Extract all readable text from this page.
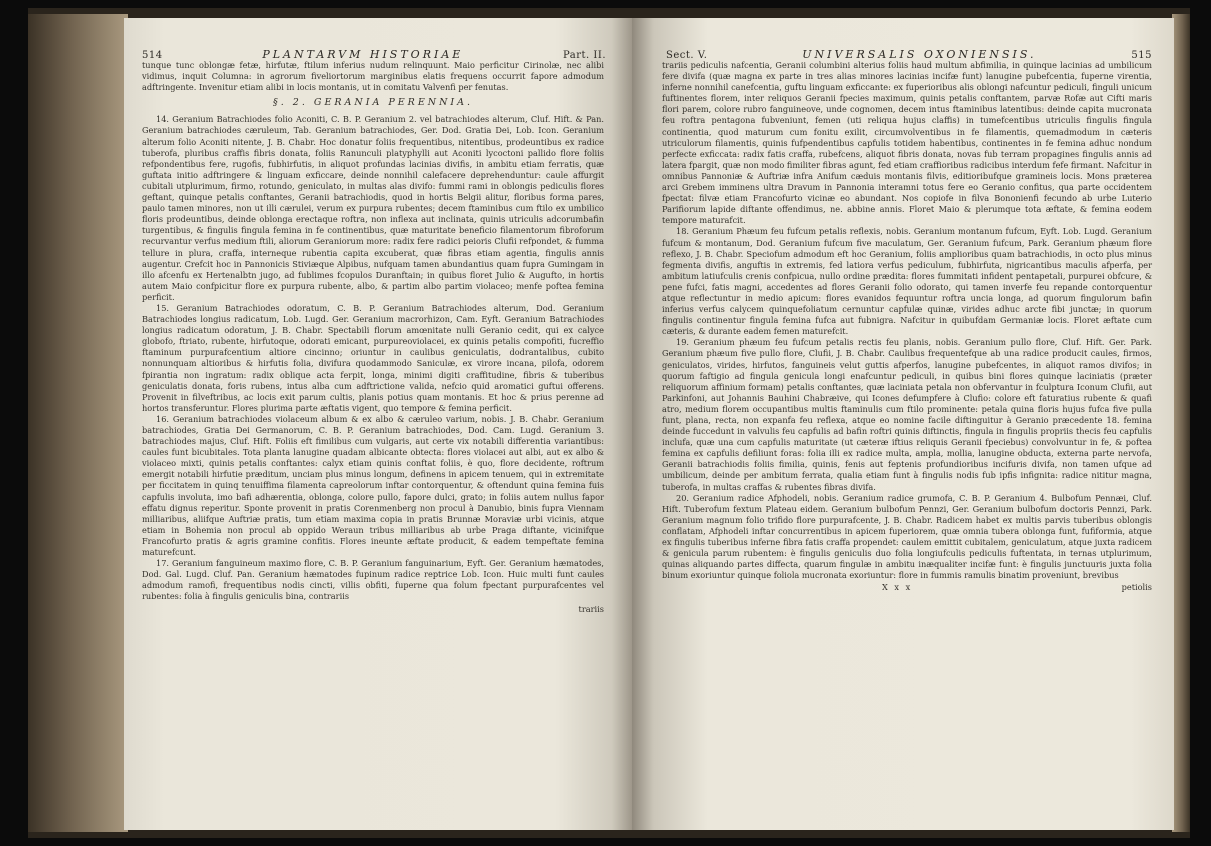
514	PLANTARVM HISTORIAE	Part. II.

tunque tunc oblongæ fetæ, hirfutæ, ftilum inferius nudum relinquunt. Maio perficitur Cirinolæ, nec alibi vidimus, inquit Columna: in agrorum fiveliortorum marginibus elatis frequens occurrit fapore admodum adftringente. Invenitur etiam alibi in locis montanis, ut in comitatu Valvenfi per fenutas.

§. 2. GERANIA PERENNIA.

14. Geranium Batrachiodes folio Aconiti, C. B. P. Geranium 2. vel batrachiodes alterum, Cluf. Hift. & Pan. Geranium batrachiodes cæruleum, Tab. Geranium batrachiodes, Ger. Dod. Gratia Dei, Lob. Icon. Geranium alterum folio Aconiti nitente, J. B. Chabr. Hoc donatur foliis frequentibus, nitentibus, prodeuntibus ex radice tuberofa, pluribus craffis fibris donata, foliis Ranunculi platyphylli aut Aconiti lycoctoni pallido flore foliis refpondentibus fere, rugofis, fubhirfutis, in aliquot profundas lacinias divifis, in ambitu etiam ferratis, quæ guftata initio adftringere & linguam exficcare, deinde nonnihil calefacere deprehenduntur: caule affurgit cubitali utplurimum, firmo, rotundo, geniculato, in multas alas divifo: fummi rami in oblongis pediculis flores geftant, quinque petalis conftantes, Geranii batrachiodis, quod in hortis Belgii alitur, floribus forma pares, paulo tamen minores, non ut illi cærulei, verum ex purpura rubentes; decem ftaminibus cum ftilo ex umbilico floris prodeuntibus, deinde oblonga erectaque roftra, non inflexa aut inclinata, quinis utriculis adcorumbafin turgentibus, & fingulis fingula femina in fe continentibus, quæ maturitate beneficio filamentorum fibroforum recurvantur verfus medium ftili, aliorum Geraniorum more: radix fere radici peioris Clufii refpondet, & fumma tellure in plura, craffa, interneque rubentia capita excuberat, quæ fibras etiam agentia, fingulis annis augentur. Crefcit hoc in Pannonicis Stiviæque Alpibus, nufquam tamen abundantius quam fupra Gumingam in illo afcenfu ex Hertenalbtn jugo, ad fublimes fcopulos Duranftain; in quibus floret Julio & Augufto, in hortis autem Maio confpicitur flore ex purpura rubente, albo, & partim albo partim violaceo; menfe poftea femina perficit.

15. Geranium Batrachiodes odoratum, C. B. P. Geranium Batrachiodes alterum, Dod. Geranium Batrachiodes longius radicatum, Lob. Lugd. Ger. Geranium macrorhizon, Cam. Eyft. Geranium Batrachiodes longius radicatum odoratum, J. B. Chabr. Spectabili florum amœnitate nulli Geranio cedit, qui ex calyce globofo, ftriato, rubente, hirfutoque, odorati emicant, purpureoviolacei, ex quinis petalis compofiti, fucreffio ftaminum purpurafcentium altiore cincinno; oriuntur in caulibus geniculatis, dodrantalibus, cubito nonnunquam altioribus & hirfutis folia, divifura quodammodo Saniculæ, ex virore incana, pilofa, odorem fpirantia non ingratum: radix oblique acta ferpit, longa, minimi digiti craffitudine, fibris & tuberibus geniculatis donata, foris rubens, intus alba cum adftrictione valida, nefcio quid aromatici guftui offerens. Provenit in filveftribus, ac locis exit parum cultis, planis potius quam montanis. Et hoc & prius perenne ad hortos transferuntur. Flores plurima parte æftatis vigent, quo tempore & femina perficit.

16. Geranium batrachiodes violaceum album & ex albo & cæruleo varium, nobis. J. B. Chabr. Geranium batrachiodes, Gratia Dei Germanorum, C. B. P. Geranium batrachiodes, Dod. Cam. Lugd. Geranium 3. batrachiodes majus, Cluf. Hift. Foliis eft fimilibus cum vulgaris, aut certe vix notabili differentia variantibus: caules funt bicubitales. Tota planta lanugine quadam albicante obtecta: flores violacei aut albi, aut ex albo & violaceo mixti, quinis petalis conftantes: calyx etiam quinis conftat foliis, è quo, flore decidente, roftrum emergit notabili hirfutie præditum, unciam plus minus longum, definens in apicem tenuem, qui in extremitate per ficcitatem in quinq tenuiffima filamenta capreolorum inftar contorquentur, & oftendunt quina femina fuis capfulis involuta, imo bafi adhærentia, oblonga, colore pullo, fapore dulci, grato; in foliis autem nullus fapor effatu dignus reperitur. Sponte provenit in pratis Corenmenberg non procul à Danubio, binis fupra Viennam milliaribus, aliifque Auftriæ pratis, tum etiam maxima copia in pratis Brunnæ Moraviæ urbi vicinis, atque etiam in Bohemia non procul ab oppido Weraun tribus milliaribus ab urbe Praga diftante, vicinifque Francofurto pratis & agris gramine confitis. Flores ineunte æftate producit, & eadem tempeftate femina maturefcunt.

17. Geranium fanguineum maximo flore, C. B. P. Geranium fanguinarium, Eyft. Ger. Geranium hæmatodes, Dod. Gal. Lugd. Cluf. Pan. Geranium hæmatodes fupinum radice reptrice Lob. Icon. Huic multi funt caules admodum ramofi, frequentibus nodis cincti, villis obfiti, fuperne qua folum fpectant purpurafcentes vel rubentes: folia à fingulis geniculis bina, contrariis

trariis
Sect. V.	UNIVERSALIS OXONIENSIS.	515

trariis pediculis nafcentia, Geranii columbini alterius foliis haud multum abfimilia, in quinque lacinias ad umbilicum fere divifa (quæ magna ex parte in tres alias minores lacinias incifæ funt) lanugine pubefcentia, fuperne virentia, inferne nonnihil canefcentia, guftu linguam exficcante: ex fuperioribus alis oblongi nafcuntur pediculi, finguli unicum fuftinentes florem, inter reliquos Geranii fpecies maximum, quinis petalis conftantem, parvæ Rofæ aut Cifti maris flori parem, colore rubro fanguineove, unde cognomen, decem intus ftaminibus latentibus: deinde capita mucronata feu roftra pentagona fubveniunt, femen (uti reliqua hujus claffis) in tumefcentibus utriculis fingulis fingula continentia, quod maturum cum fonitu exilit, circumvolventibus in fe filamentis, quemadmodum in cæteris utriculorum filamentis, quinis fufpendentibus capfulis totidem habentibus, continentes in fe femina adhuc nondum perfecte exficcata: radix fatis craffa, rubefcens, aliquot fibris donata, novas fub terram propagines fingulis annis ad latera fpargit, quæ non modo fimiliter fibras agunt, fed etiam craffioribus radicibus interdum fefe firmant. Nafcitur in omnibus Pannoniæ & Auftriæ infra Anifum cæduis montanis filvis, editioribufque gramineis locis. Mons præterea arci Grebem imminens ultra Dravum in Pannonia interamni totus fere eo Geranio confitus, qua parte occidentem fpectat: filvæ etiam Francofurto vicinæ eo abundant. Nos copiofe in filva Bononienfi fecundo ab urbe Luterio Parifiorum lapide diftante offendimus, ne. abbine annis. Floret Maio & plerumque tota æftate, & femina eodem tempore maturafcit.

18. Geranium Phæum feu fufcum petalis reflexis, nobis. Geranium montanum fufcum, Eyft. Lob. Lugd. Geranium fufcum & montanum, Dod. Geranium fufcum five maculatum, Ger. Geranium fufcum, Park. Geranium phæum flore reflexo, J. B. Chabr. Speciofum admodum eft hoc Geranium, foliis amplioribus quam batrachiodis, in octo plus minus fegmenta divifis, anguftis in extremis, fed latiora verfus pediculum, fubhirfuta, nigricantibus maculis afperfa, per ambitum latiufculis crenis confpicua, nullo ordine prædita: flores fummitati infident pentapetali, purpurei obfcure, & pene fufci, fatis magni, accedentes ad flores Geranii folio odorato, qui tamen inverfe feu repande contorquentur atque reflectuntur in medio apicum: flores evanidos fequuntur roftra uncia longa, ad quorum fingulorum bafin inferius verfus calycem quinquefoliatum cernuntur capfulæ quinæ, virides adhuc arcte fibi junctæ; in quorum fingulis continentur fingula femina fufca aut fubnigra. Nafcitur in quibufdam Germaniæ locis. Floret æftate cum cæteris, & durante eadem femen maturefcit.

19. Geranium phæum feu fufcum petalis rectis feu planis, nobis. Geranium pullo flore, Cluf. Hift. Ger. Park. Geranium phæum five pullo flore, Clufii, J. B. Chabr. Caulibus frequentefque ab una radice producit caules, firmos, geniculatos, virides, hirfutos, fanguineis velut guttis afperfos, lanugine pubefcentes, in aliquot ramos divifos; in quorum faftigio ad fingula genicula longi enafcuntur pediculi, in quibus bini flores quinque laciniatis (præter reliquorum affinium formam) petalis conftantes, quæ laciniata petala non obfervantur in fculptura Iconum Clufii, aut Parkinfoni, aut Johannis Bauhini Chabræive, qui Icones defumpfere à Clufio: colore eft faturatius rubente & quafi atro, medium florem occupantibus multis ftaminulis cum ftilo prominente: petala quina floris hujus fufca five pulla funt, plana, recta, non expanfa feu reflexa, atque eo nomine facile diftinguitur à Geranio præcedente 18. femina deinde fuccedunt in valvulis feu capfulis ad bafin roftri quinis diftinctis, fingula in fingulis propriis thecis feu capfulis inclufa, quæ una cum capfulis maturitate (ut cæteræ iftius reliquis Geranii fpeciebus) convolvuntur in fe, & poftea femina ex capfulis defiliunt foras: folia illi ex radice multa, ampla, mollia, lanugine obducta, externa parte nervofa, Geranii batrachiodis foliis fimilia, quinis, fenis aut feptenis profundioribus incifuris divifa, non tamen ufque ad umbilicum, deinde per ambitum ferrata, qualia etiam funt à fingulis nodis fub ipfis infignita: radice nititur magna, tuberofa, in multas craffas & rubentes fibras divifa.

20. Geranium radice Afphodeli, nobis. Geranium radice grumofa, C. B. P. Geranium 4. Bulbofum Pennæi, Cluf. Hift. Tuberofum fextum Plateau eidem. Geranium bulbofum Pennzi, Ger. Geranium bulbofum doctoris Pennzi, Park. Geranium magnum folio trifido flore purpurafcente, J. B. Chabr. Radicem habet ex multis parvis tuberibus oblongis conflatam, Afphodeli inftar concurrentibus in apicem fuperiorem, quæ omnia tubera oblonga funt, fufiformia, atque ex fingulis tuberibus inferne fibra fatis craffa propendet: caulem emittit cubitalem, geniculatum, atque juxta radicem & genicula parum rubentem: è fingulis geniculis duo folia longiufculis pediculis fuftentata, in ternas utplurimum, quinas aliquando partes diffecta, quarum fingulæ in ambitu inæqualiter incifæ funt: è fingulis junctuuris juxta folia binum exoriuntur quinque foliola mucronata exoriuntur: flore in fummis ramulis binatim proveniunt, brevibus

X x x	petiolis
